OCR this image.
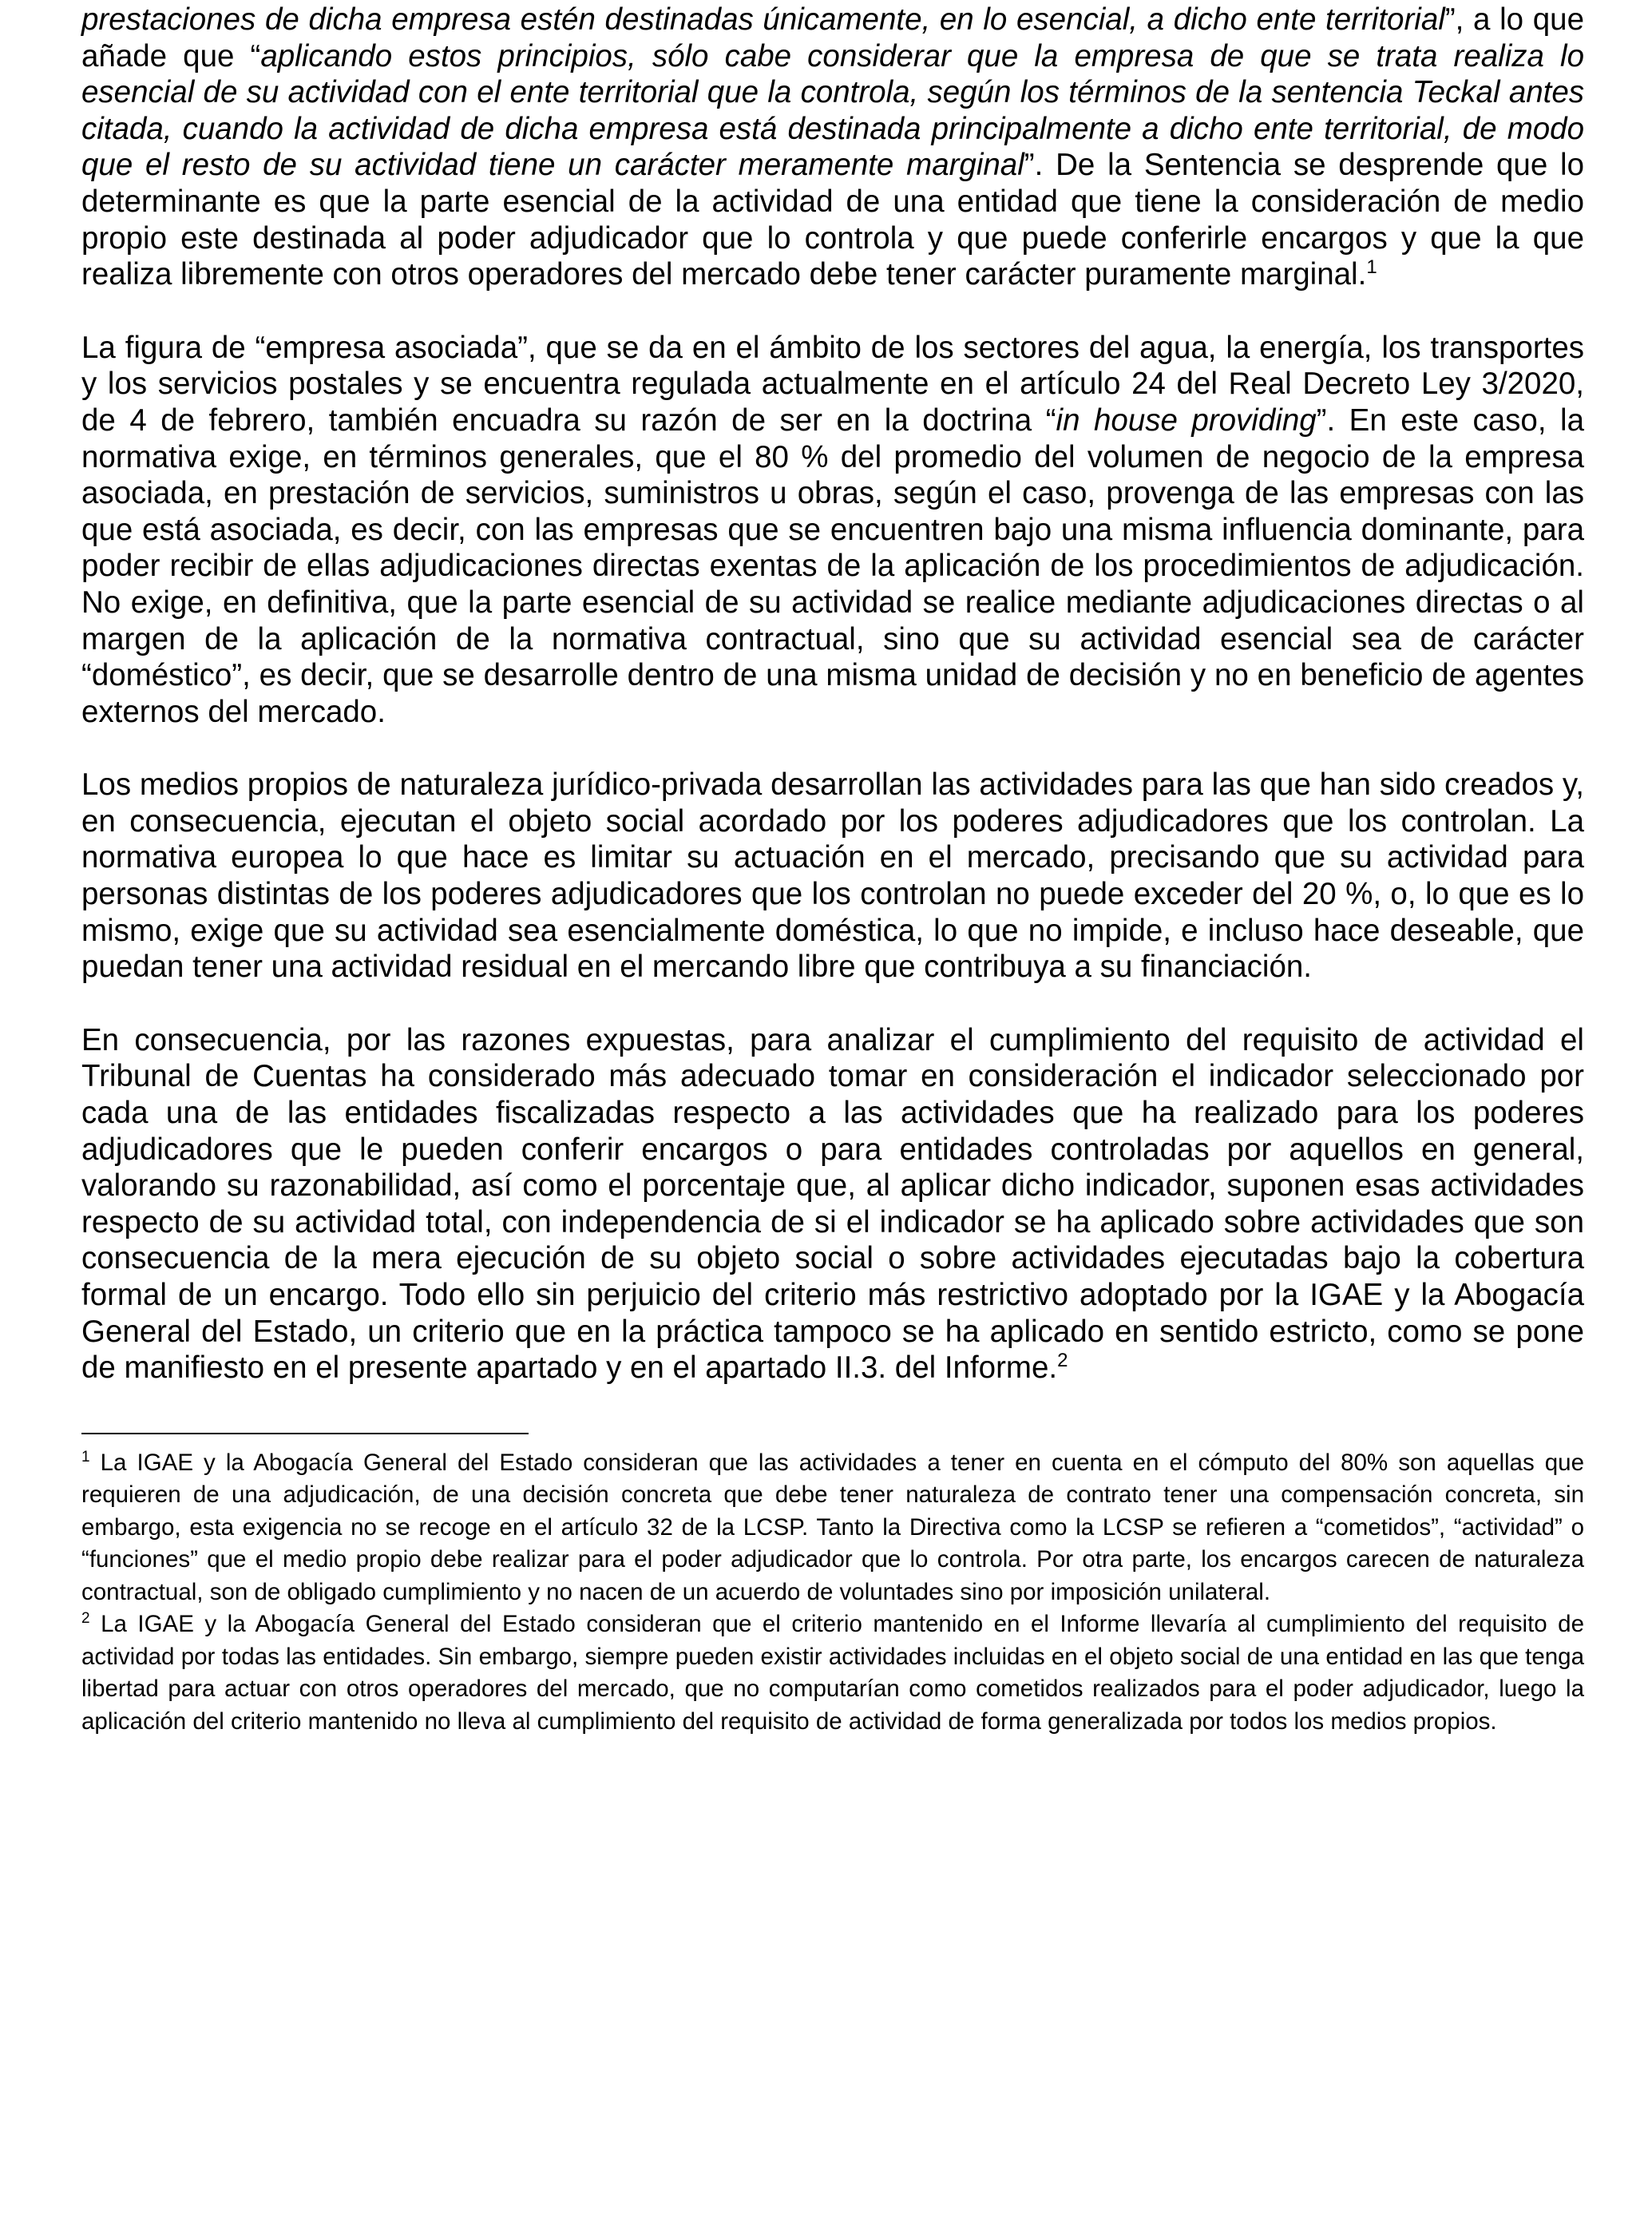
prestaciones de dicha empresa estén destinadas únicamente, en lo esencial, a dicho ente territorial”, a lo que añade que “aplicando estos principios, sólo cabe considerar que la empresa de que se trata realiza lo esencial de su actividad con el ente territorial que la controla, según los términos de la sentencia Teckal antes citada, cuando la actividad de dicha empresa está destinada principalmente a dicho ente territorial, de modo que el resto de su actividad tiene un carácter meramente marginal”. De la Sentencia se desprende que lo determinante es que la parte esencial de la actividad de una entidad que tiene la consideración de medio propio este destinada al poder adjudicador que lo controla y que puede conferirle encargos y que la que realiza libremente con otros operadores del mercado debe tener carácter puramente marginal.$^1$

La figura de “empresa asociada”, que se da en el ámbito de los sectores del agua, la energía, los transportes y los servicios postales y se encuentra regulada actualmente en el artículo 24 del Real Decreto Ley 3/2020, de 4 de febrero, también encuadra su razón de ser en la doctrina “in house providing”. En este caso, la normativa exige, en términos generales, que el 80 % del promedio del volumen de negocio de la empresa asociada, en prestación de servicios, suministros u obras, según el caso, provenga de las empresas con las que está asociada, es decir, con las empresas que se encuentren bajo una misma influencia dominante, para poder recibir de ellas adjudicaciones directas exentas de la aplicación de los procedimientos de adjudicación. No exige, en definitiva, que la parte esencial de su actividad se realice mediante adjudicaciones directas o al margen de la aplicación de la normativa contractual, sino que su actividad esencial sea de carácter “doméstico”, es decir, que se desarrolle dentro de una misma unidad de decisión y no en beneficio de agentes externos del mercado.

Los medios propios de naturaleza jurídico-privada desarrollan las actividades para las que han sido creados y, en consecuencia, ejecutan el objeto social acordado por los poderes adjudicadores que los controlan. La normativa europea lo que hace es limitar su actuación en el mercado, precisando que su actividad para personas distintas de los poderes adjudicadores que los controlan no puede exceder del 20 %, o, lo que es lo mismo, exige que su actividad sea esencialmente doméstica, lo que no impide, e incluso hace deseable, que puedan tener una actividad residual en el mercando libre que contribuya a su financiación.

En consecuencia, por las razones expuestas, para analizar el cumplimiento del requisito de actividad el Tribunal de Cuentas ha considerado más adecuado tomar en consideración el indicador seleccionado por cada una de las entidades fiscalizadas respecto a las actividades que ha realizado para los poderes adjudicadores que le pueden conferir encargos o para entidades controladas por aquellos en general, valorando su razonabilidad, así como el porcentaje que, al aplicar dicho indicador, suponen esas actividades respecto de su actividad total, con independencia de si el indicador se ha aplicado sobre actividades que son consecuencia de la mera ejecución de su objeto social o sobre actividades ejecutadas bajo la cobertura formal de un encargo. Todo ello sin perjuicio del criterio más restrictivo adoptado por la IGAE y la Abogacía General del Estado, un criterio que en la práctica tampoco se ha aplicado en sentido estricto, como se pone de manifiesto en el presente apartado y en el apartado II.3. del Informe.$^2$

$^1$ La IGAE y la Abogacía General del Estado consideran que las actividades a tener en cuenta en el cómputo del 80% son aquellas que requieren de una adjudicación, de una decisión concreta que debe tener naturaleza de contrato tener una compensación concreta, sin embargo, esta exigencia no se recoge en el artículo 32 de la LCSP. Tanto la Directiva como la LCSP se refieren a “cometidos”, “actividad” o “funciones” que el medio propio debe realizar para el poder adjudicador que lo controla. Por otra parte, los encargos carecen de naturaleza contractual, son de obligado cumplimiento y no nacen de un acuerdo de voluntades sino por imposición unilateral.

$^2$ La IGAE y la Abogacía General del Estado consideran que el criterio mantenido en el Informe llevaría al cumplimiento del requisito de actividad por todas las entidades. Sin embargo, siempre pueden existir actividades incluidas en el objeto social de una entidad en las que tenga libertad para actuar con otros operadores del mercado, que no computarían como cometidos realizados para el poder adjudicador, luego la aplicación del criterio mantenido no lleva al cumplimiento del requisito de actividad de forma generalizada por todos los medios propios.
